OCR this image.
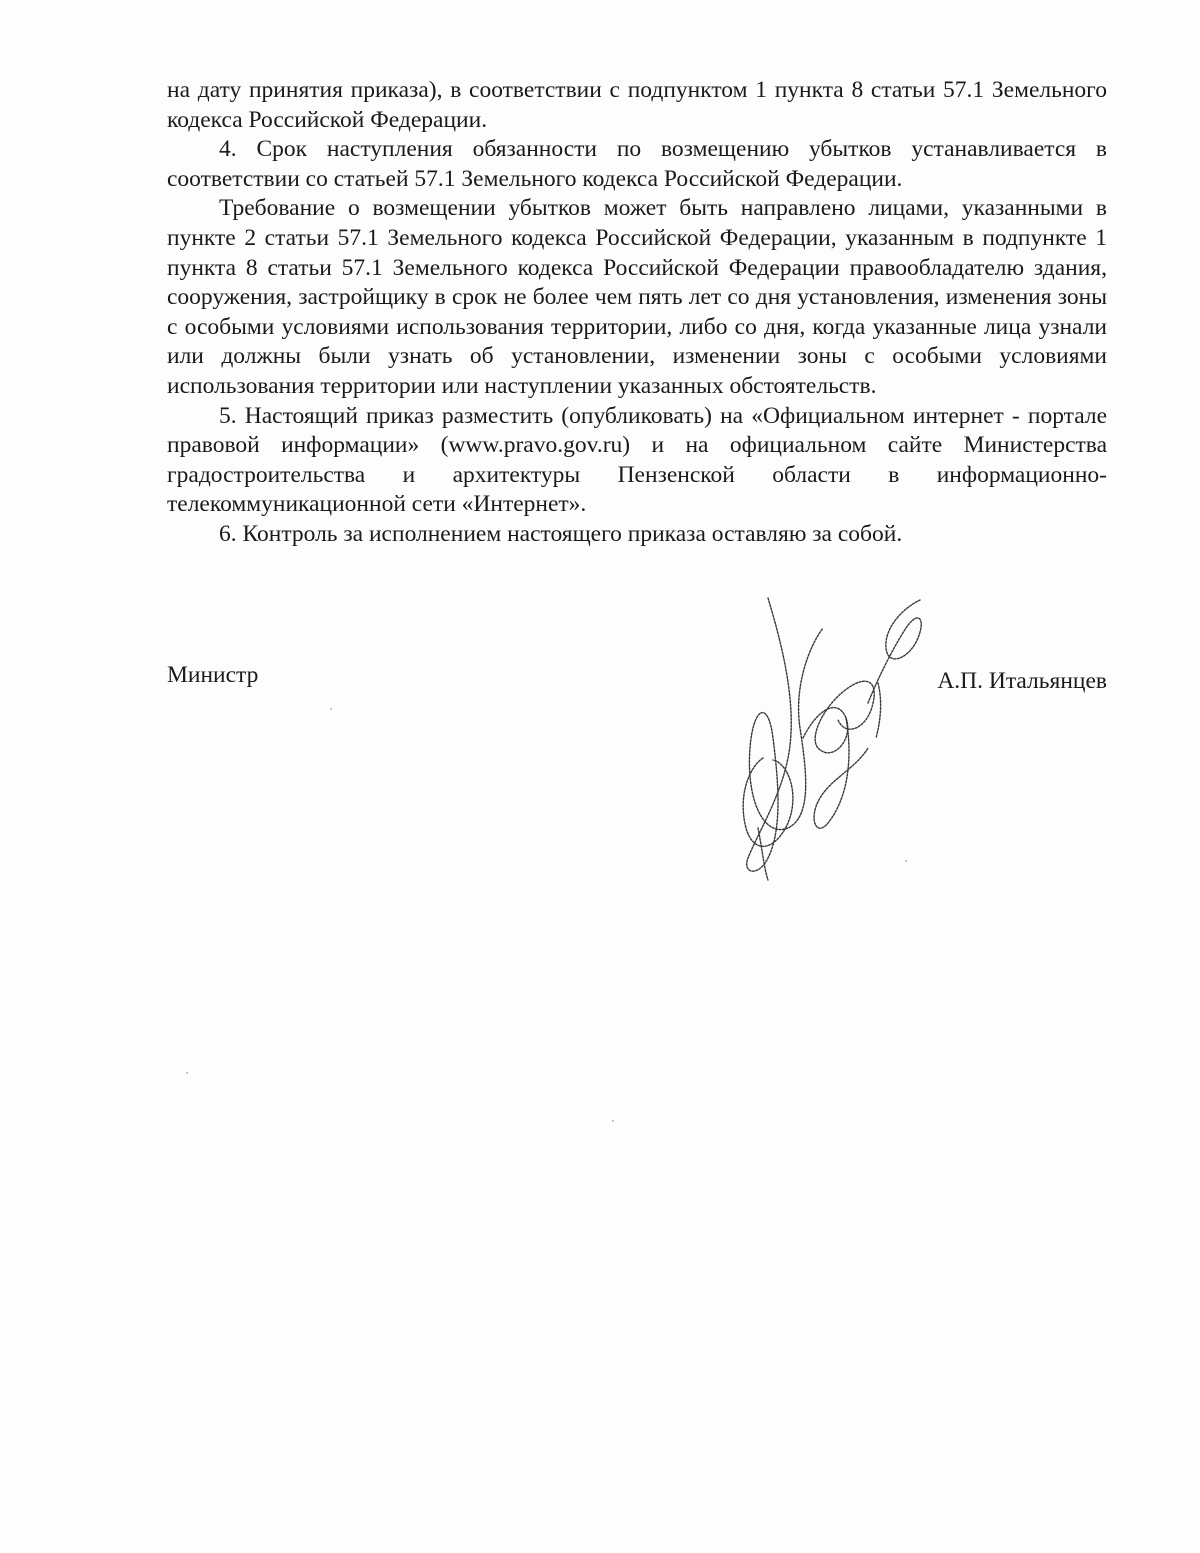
на дату принятия приказа), в соответствии с подпунктом 1 пункта 8 статьи 57.1 Земельного кодекса Российской Федерации.

4. Срок наступления обязанности по возмещению убытков устанавливается в соответствии со статьей 57.1 Земельного кодекса Российской Федерации.

Требование о возмещении убытков может быть направлено лицами, указанными в пункте 2 статьи 57.1 Земельного кодекса Российской Федерации, указанным в подпункте 1 пункта 8 статьи 57.1 Земельного кодекса Российской Федерации правообладателю здания, сооружения, застройщику в срок не более чем пять лет со дня установления, изменения зоны с особыми условиями использования территории, либо со дня, когда указанные лица узнали или должны были узнать об установлении, изменении зоны с особыми условиями использования территории или наступлении указанных обстоятельств.

5. Настоящий приказ разместить (опубликовать) на «Официальном интернет - портале правовой информации» (www.pravo.gov.ru) и на официальном сайте Министерства градостроительства и архитектуры Пензенской области в информационно-телекоммуникационной сети «Интернет».

6. Контроль за исполнением настоящего приказа оставляю за собой.

Министр	А.П. Итальянцев
